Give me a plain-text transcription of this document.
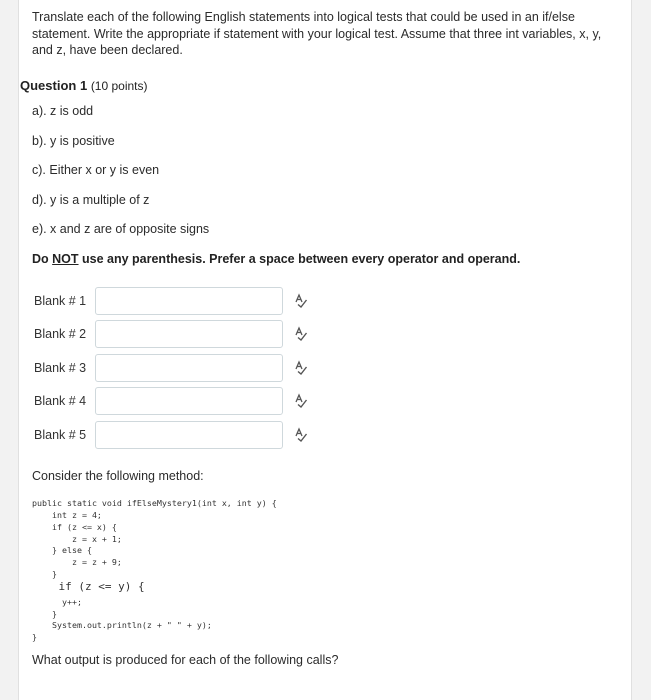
Translate each of the following English statements into logical tests that could be used in an if/else statement. Write the appropriate if statement with your logical test. Assume that three int variables, x, y, and z, have been declared.
Question 1 (10 points)
a). z is odd
b). y is positive
c). Either x or y is even
d). y is a multiple of z
e). x and z are of opposite signs
Do NOT use any parenthesis. Prefer a space between every operator and operand.
Blank # 1
Blank # 2
Blank # 3
Blank # 4
Blank # 5
Consider the following method:
public static void ifElseMystery1(int x, int y) {
int z = 4;
if (z <= x) {
z = x + 1;
} else {
z = z + 9;
}
if (z <= y) {
y++;
}
System.out.println(z + " " + y);
}
What output is produced for each of the following calls?
